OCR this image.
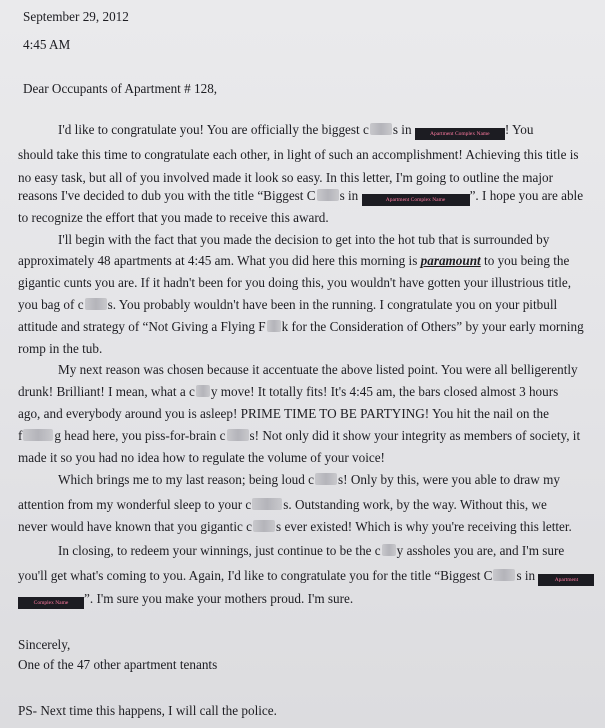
September 29, 2012
4:45 AM
Dear Occupants of Apartment # 128,
I'd like to congratulate you! You are officially the biggest c s in	Apartment Complex Name ! You
should take this time to congratulate each other, in light of such an accomplishment! Achieving this title is
no easy task, but all of you involved made it look so easy. In this letter, I'm going to outline the major
reasons I've decided to dub you with the title “Biggest C s in	Apartment Complex Name ”. I hope you are able
to recognize the effort that you made to receive this award.
I'll begin with the fact that you made the decision to get into the hot tub that is surrounded by
approximately 48 apartments at 4:45 am. What you did here this morning is paramount to you being the
gigantic cunts you are. If it hadn't been for you doing this, you wouldn't have gotten your illustrious title,
you bag of c s. You probably wouldn't have been in the running. I congratulate you on your pitbull
attitude and strategy of “Not Giving a Flying F k for the Consideration of Others” by your early morning
romp in the tub.
My next reason was chosen because it accentuate the above listed point. You were all belligerently
drunk! Brilliant! I mean, what a c y move! It totally fits! It's 4:45 am, the bars closed almost 3 hours
ago, and everybody around you is asleep! PRIME TIME TO BE PARTYING! You hit the nail on the
f g head here, you piss-for-brain c s! Not only did it show your integrity as members of society, it
made it so you had no idea how to regulate the volume of your voice!
Which brings me to my last reason; being loud c s! Only by this, were you able to draw my
attention from my wonderful sleep to your c s. Outstanding work, by the way. Without this, we
never would have known that you gigantic c s ever existed! Which is why you're receiving this letter.
In closing, to redeem your winnings, just continue to be the c y assholes you are, and I'm sure
you'll get what's coming to you. Again, I'd like to congratulate you for the title “Biggest C s in	Apartment
Complex Name ”. I'm sure you make your mothers proud. I'm sure.
Sincerely,
One of the 47 other apartment tenants
PS- Next time this happens, I will call the police.
